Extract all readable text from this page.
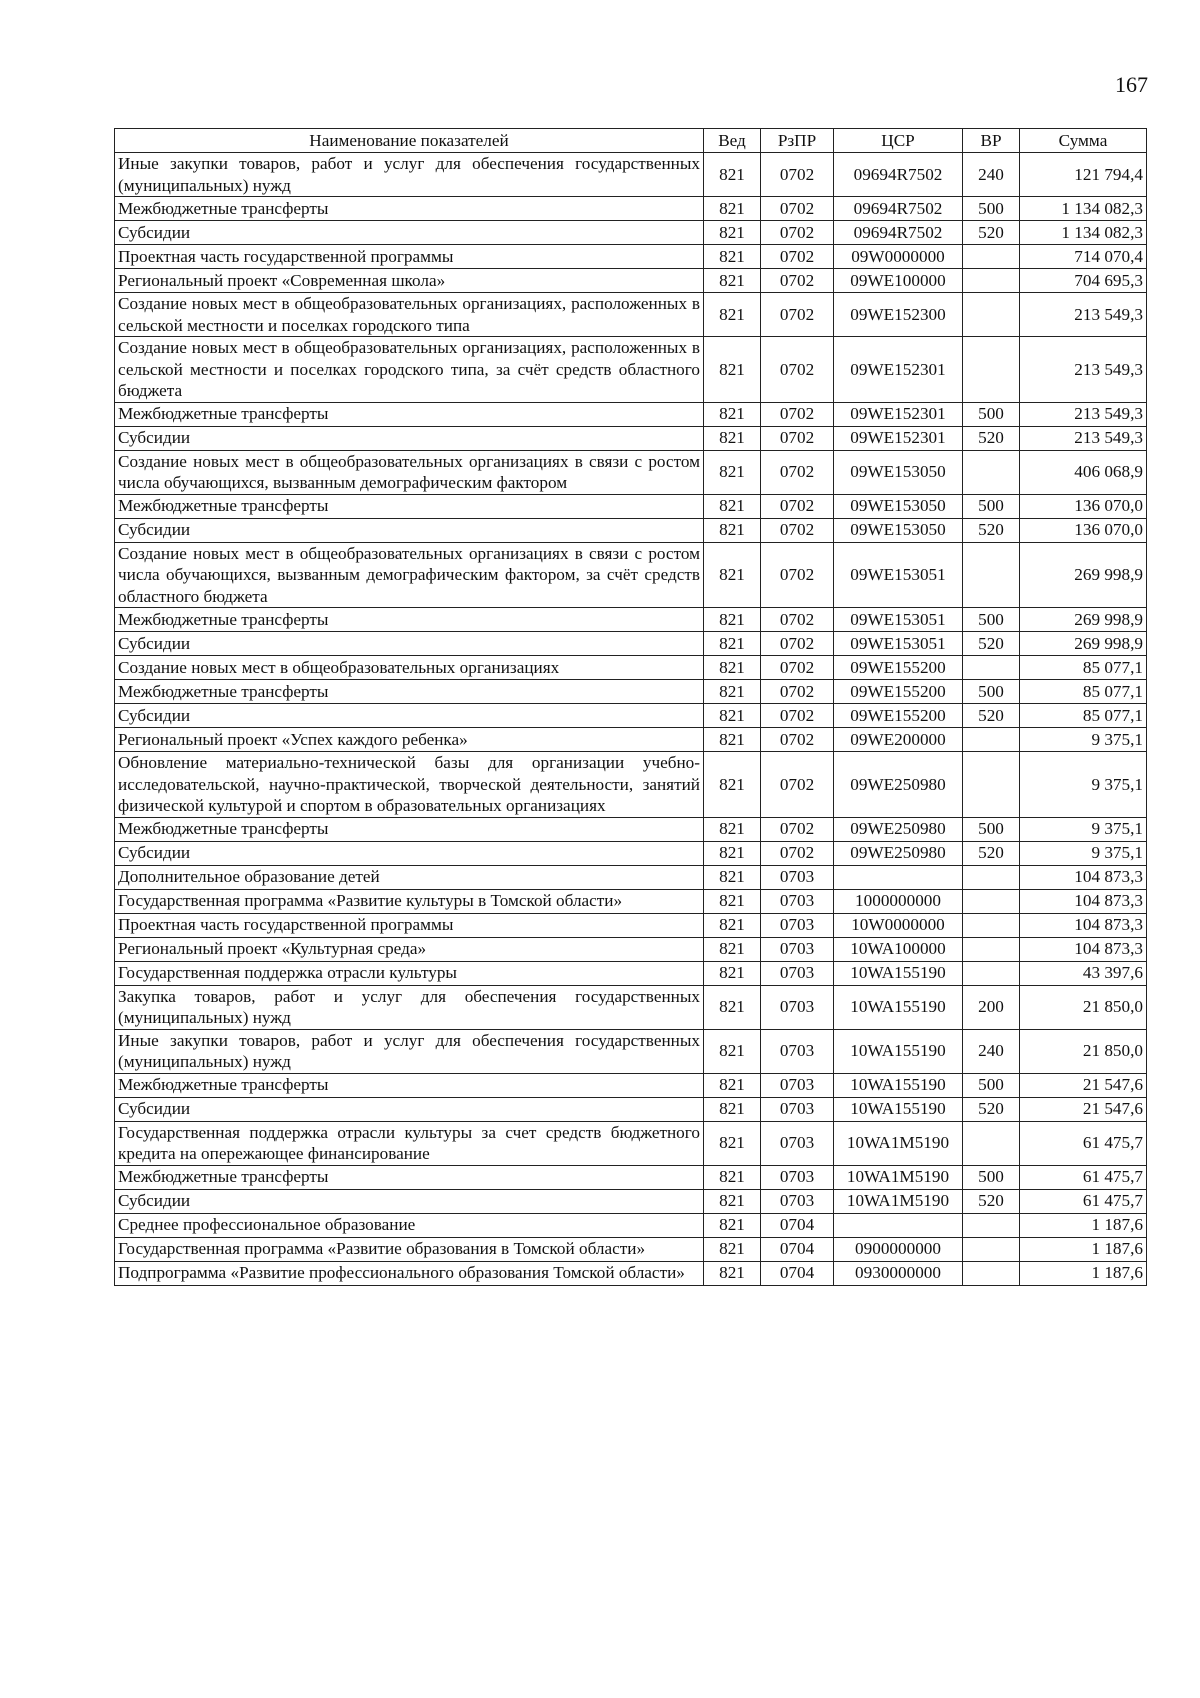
167
Наименование показателей	Вед	РзПР	ЦСР	ВР	Сумма
Иные закупки товаров, работ и услуг для обеспечения государственных (муниципальных) нужд	821	0702	09694R7502	240	121 794,4
Межбюджетные трансферты	821	0702	09694R7502	500	1 134 082,3
Субсидии	821	0702	09694R7502	520	1 134 082,3
Проектная часть государственной программы	821	0702	09W0000000		714 070,4
Региональный проект «Современная школа»	821	0702	09WE100000		704 695,3
Создание новых мест в общеобразовательных организациях, расположенных в сельской местности и поселках городского типа	821	0702	09WE152300		213 549,3
Создание новых мест в общеобразовательных организациях, расположенных в сельской местности и поселках городского типа, за счёт средств областного бюджета	821	0702	09WE152301		213 549,3
Межбюджетные трансферты	821	0702	09WE152301	500	213 549,3
Субсидии	821	0702	09WE152301	520	213 549,3
Создание новых мест в общеобразовательных организациях в связи с ростом числа обучающихся, вызванным демографическим фактором	821	0702	09WE153050		406 068,9
Межбюджетные трансферты	821	0702	09WE153050	500	136 070,0
Субсидии	821	0702	09WE153050	520	136 070,0
Создание новых мест в общеобразовательных организациях в связи с ростом числа обучающихся, вызванным демографическим фактором, за счёт средств областного бюджета	821	0702	09WE153051		269 998,9
Межбюджетные трансферты	821	0702	09WE153051	500	269 998,9
Субсидии	821	0702	09WE153051	520	269 998,9
Создание новых мест в общеобразовательных организациях	821	0702	09WE155200		85 077,1
Межбюджетные трансферты	821	0702	09WE155200	500	85 077,1
Субсидии	821	0702	09WE155200	520	85 077,1
Региональный проект «Успех каждого ребенка»	821	0702	09WE200000		9 375,1
Обновление материально-технической базы для организации учебно-исследовательской, научно-практической, творческой деятельности, занятий физической культурой и спортом в образовательных организациях	821	0702	09WE250980		9 375,1
Межбюджетные трансферты	821	0702	09WE250980	500	9 375,1
Субсидии	821	0702	09WE250980	520	9 375,1
Дополнительное образование детей	821	0703			104 873,3
Государственная программа «Развитие культуры в Томской области»	821	0703	1000000000		104 873,3
Проектная часть государственной программы	821	0703	10W0000000		104 873,3
Региональный проект «Культурная среда»	821	0703	10WA100000		104 873,3
Государственная поддержка отрасли культуры	821	0703	10WA155190		43 397,6
Закупка товаров, работ и услуг для обеспечения государственных (муниципальных) нужд	821	0703	10WA155190	200	21 850,0
Иные закупки товаров, работ и услуг для обеспечения государственных (муниципальных) нужд	821	0703	10WA155190	240	21 850,0
Межбюджетные трансферты	821	0703	10WA155190	500	21 547,6
Субсидии	821	0703	10WA155190	520	21 547,6
Государственная поддержка отрасли культуры за счет средств бюджетного кредита на опережающее финансирование	821	0703	10WA1M5190		61 475,7
Межбюджетные трансферты	821	0703	10WA1M5190	500	61 475,7
Субсидии	821	0703	10WA1M5190	520	61 475,7
Среднее профессиональное образование	821	0704			1 187,6
Государственная программа «Развитие образования в Томской области»	821	0704	0900000000		1 187,6
Подпрограмма «Развитие профессионального образования Томской области»	821	0704	0930000000		1 187,6
